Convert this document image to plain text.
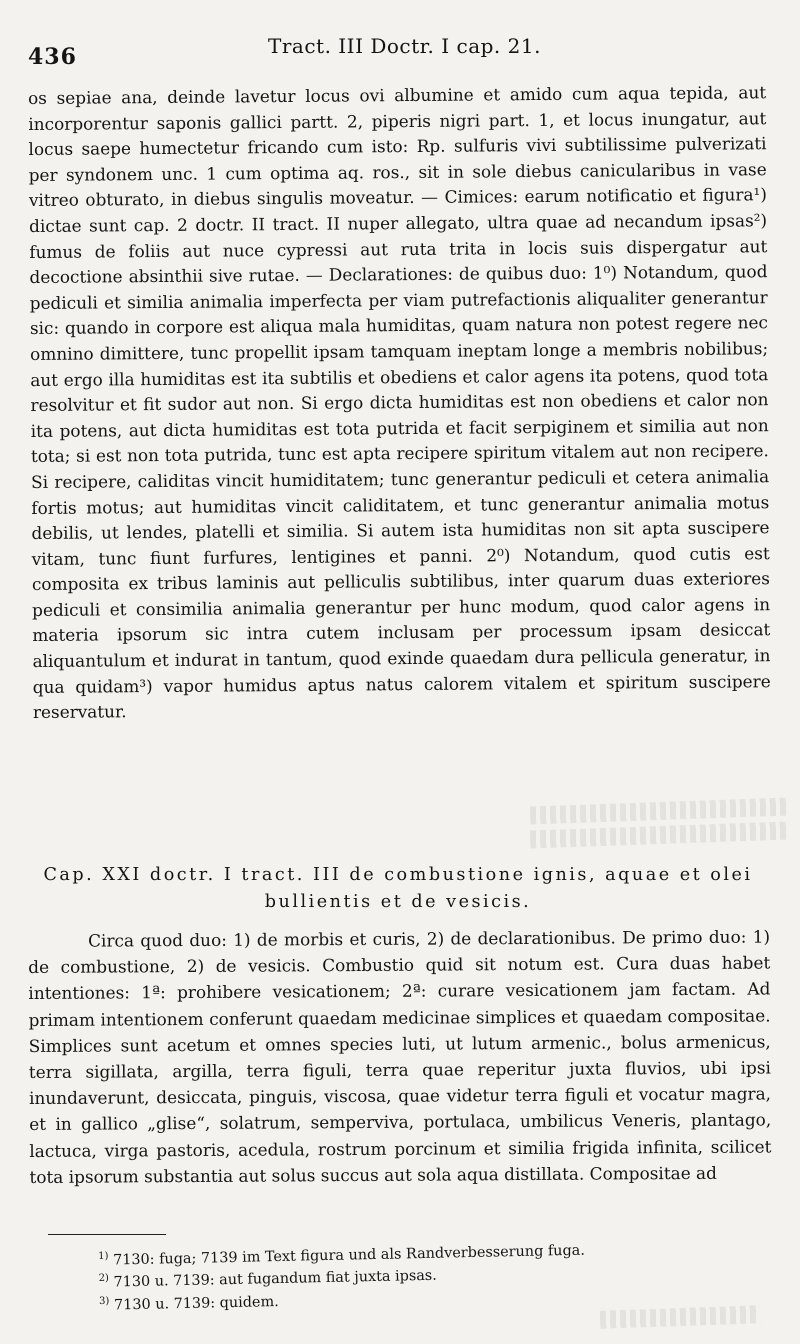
436	Tract. III Doctr. I cap. 21.

os sepiae ana, deinde lavetur locus ovi albumine et amido cum aqua tepida, aut incorporentur saponis gallici partt. 2, piperis nigri part. 1, et locus inungatur, aut locus saepe humectetur fricando cum isto: Rp. sulfuris vivi subtilissime pulverizati per syndonem unc. 1 cum optima aq. ros., sit in sole diebus canicularibus in vase vitreo obturato, in diebus singulis moveatur. — Cimices: earum notificatio et figura¹) dictae sunt cap. 2 doctr. II tract. II nuper allegato, ultra quae ad necandum ipsas²) fumus de foliis aut nuce cypressi aut ruta trita in locis suis dispergatur aut decoctione absinthii sive rutae. — Declarationes: de quibus duo: 1⁰) Notandum, quod pediculi et similia animalia imperfecta per viam putrefactionis aliqualiter generantur sic: quando in corpore est aliqua mala humiditas, quam natura non potest regere nec omnino dimittere, tunc propellit ipsam tamquam ineptam longe a membris nobilibus; aut ergo illa humiditas est ita subtilis et obediens et calor agens ita potens, quod tota resolvitur et fit sudor aut non. Si ergo dicta humiditas est non obediens et calor non ita potens, aut dicta humiditas est tota putrida et facit serpiginem et similia aut non tota; si est non tota putrida, tunc est apta recipere spiritum vitalem aut non recipere. Si recipere, caliditas vincit humiditatem; tunc generantur pediculi et cetera animalia fortis motus; aut humiditas vincit caliditatem, et tunc generantur animalia motus debilis, ut lendes, platelli et similia. Si autem ista humiditas non sit apta suscipere vitam, tunc fiunt furfures, lentigines et panni. 2⁰) Notandum, quod cutis est composita ex tribus laminis aut pelliculis subtilibus, inter quarum duas exteriores pediculi et consimilia animalia generantur per hunc modum, quod calor agens in materia ipsorum sic intra cutem inclusam per processum ipsam desiccat aliquantulum et indurat in tantum, quod exinde quaedam dura pellicula generatur, in qua quidam³) vapor humidus aptus natus calorem vitalem et spiritum suscipere reservatur.

Cap. XXI doctr. I tract. III de combustione ignis, aquae et olei
bullientis et de vesicis.

Circa quod duo: 1) de morbis et curis, 2) de declarationibus. De primo duo: 1) de combustione, 2) de vesicis. Combustio quid sit notum est. Cura duas habet intentiones: 1ª: prohibere vesicationem; 2ª: curare vesicationem jam factam. Ad primam intentionem conferunt quaedam medicinae simplices et quaedam compositae. Simplices sunt acetum et omnes species luti, ut lutum armenic., bolus armenicus, terra sigillata, argilla, terra figuli, terra quae reperitur juxta fluvios, ubi ipsi inundaverunt, desiccata, pinguis, viscosa, quae videtur terra figuli et vocatur magra, et in gallico „glise“, solatrum, semperviva, portulaca, umbilicus Veneris, plantago, lactuca, virga pastoris, acedula, rostrum porcinum et similia frigida infinita, scilicet tota ipsorum substantia aut solus succus aut sola aqua distillata. Compositae ad

$^{1)}$ 7130: fuga; 7139 im Text figura und als Randverbesserung fuga.
$^{2)}$ 7130 u. 7139: aut fugandum fiat juxta ipsas.
$^{3)}$ 7130 u. 7139: quidem.
